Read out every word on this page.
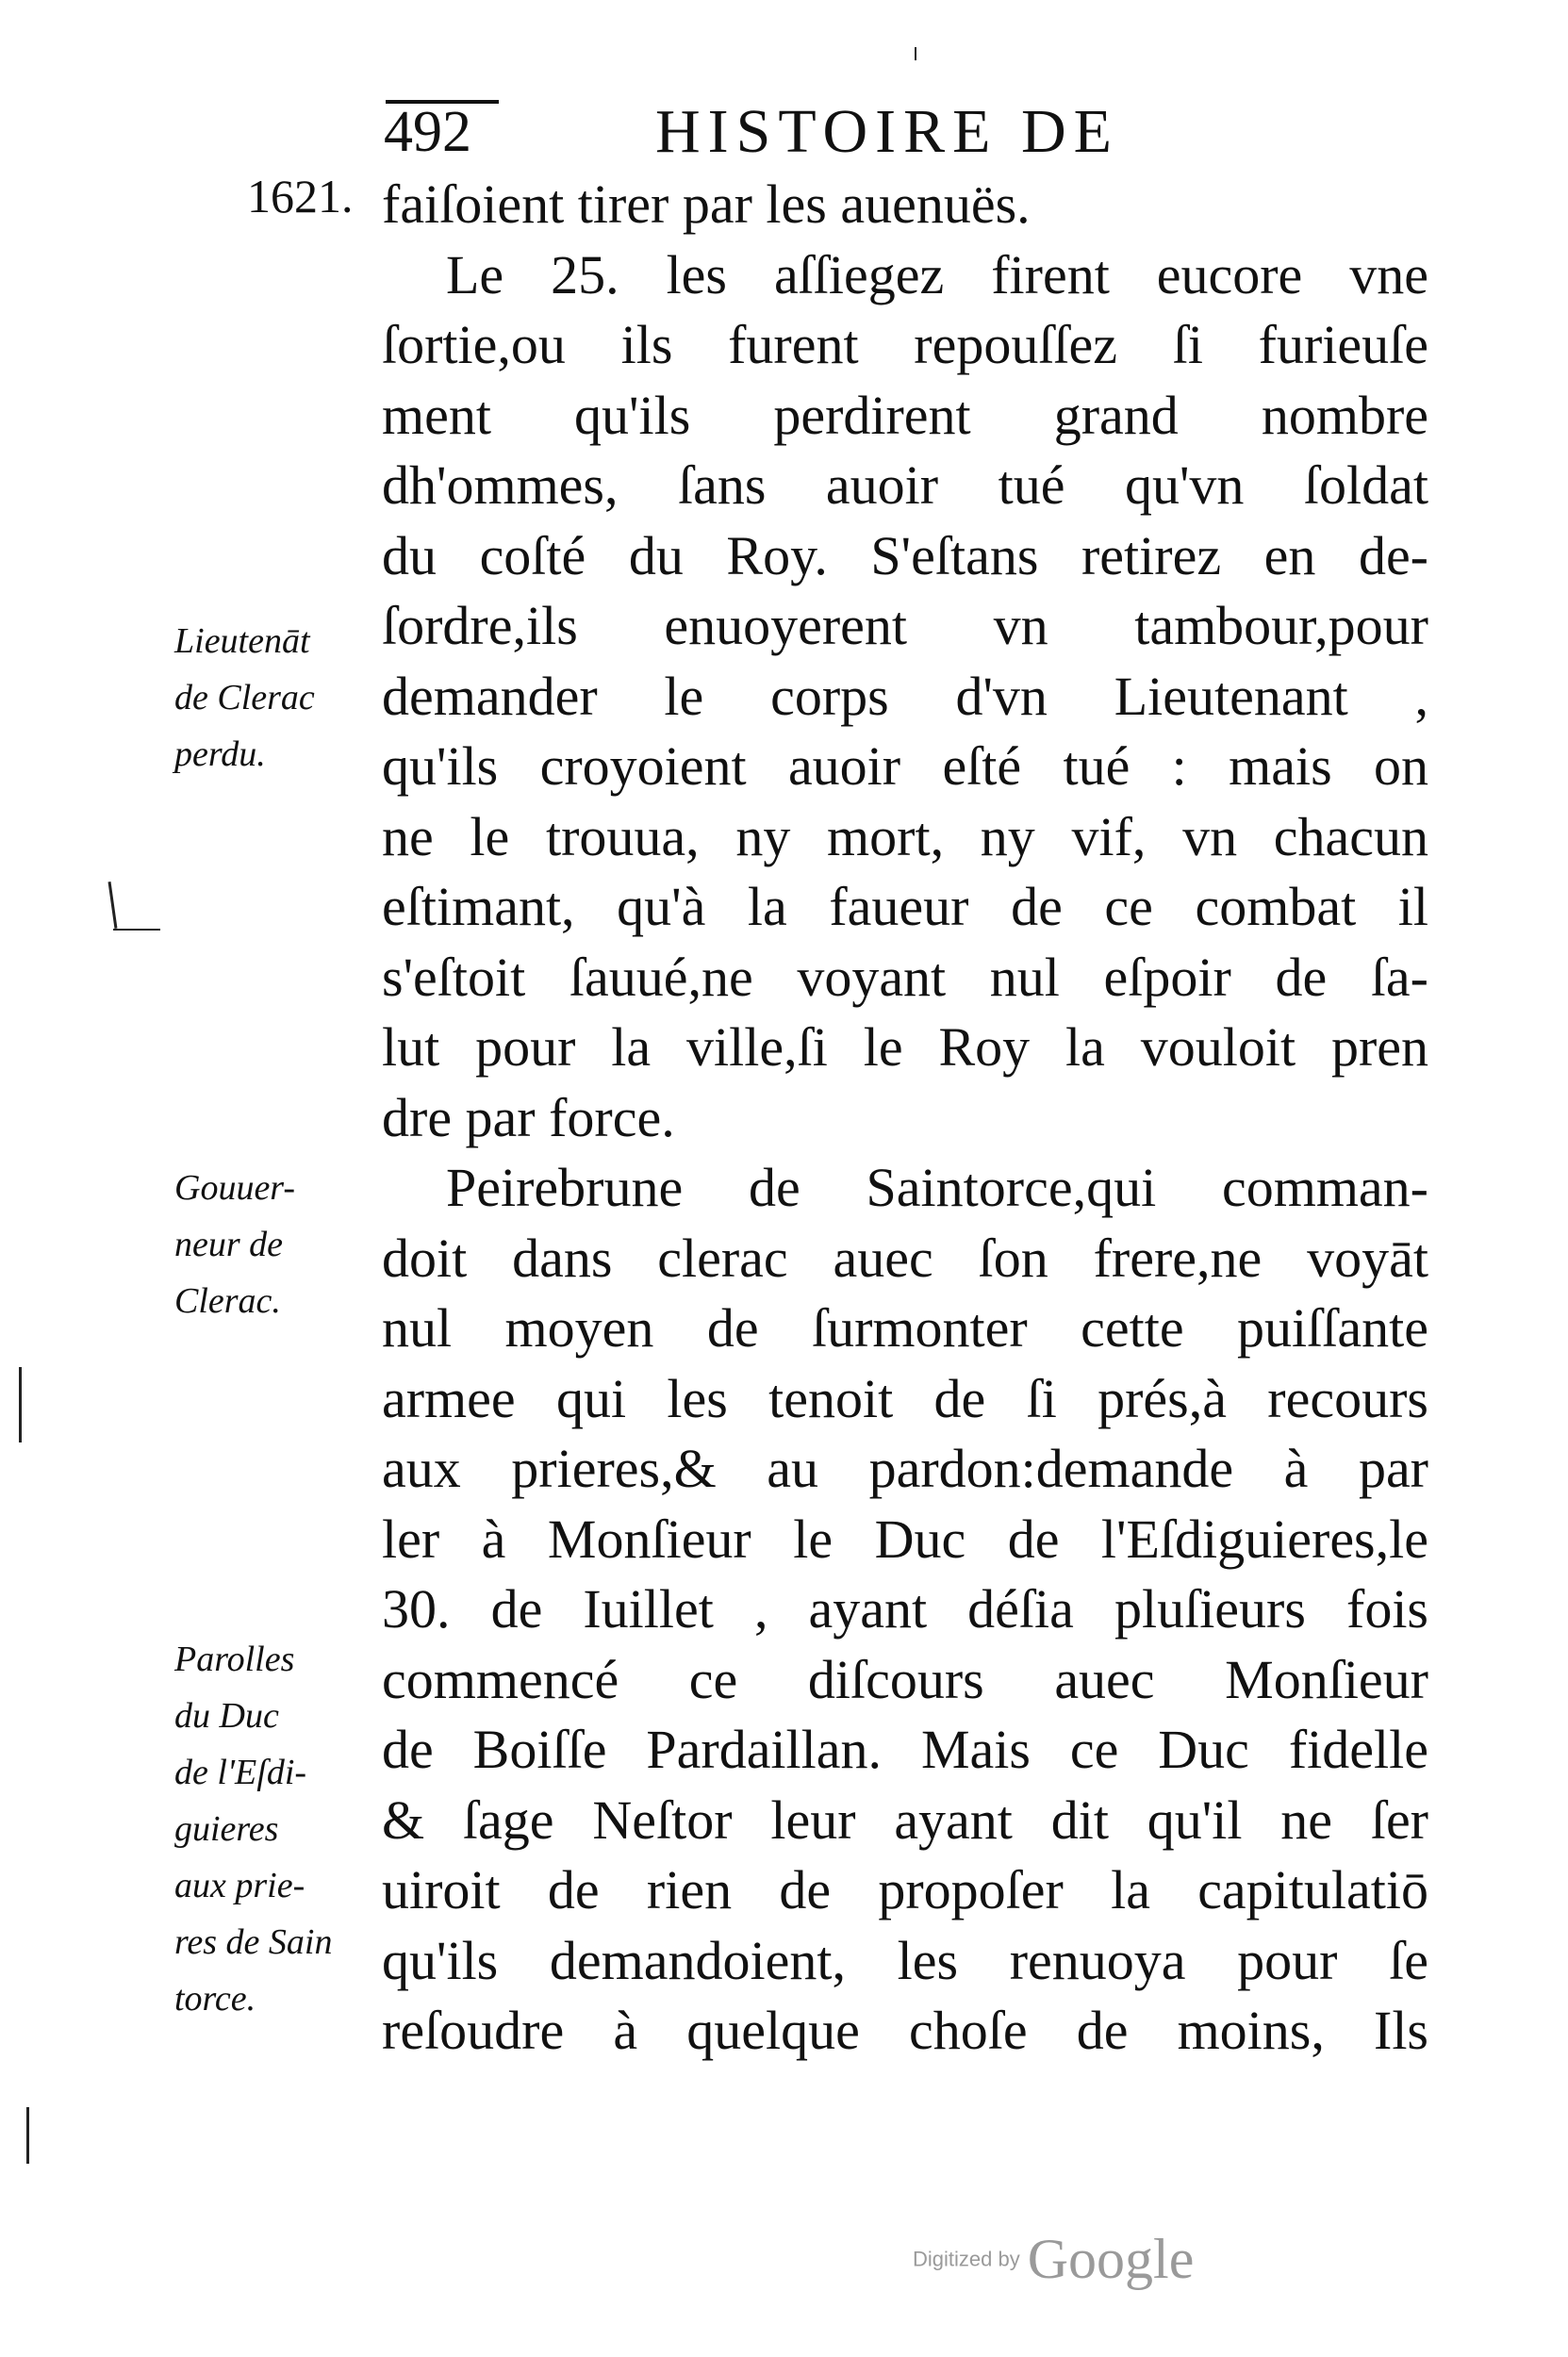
492	HISTOIRE DE
1621. faiſoient tirer par les auenuës.
Le 25. les aſſiegez firent eucore vne
ſortie,ou ils furent repouſſez ſi furieuſe
ment qu'ils perdirent grand nombre
dh'ommes, ſans auoir tué qu'vn ſoldat
du coſté du Roy. S'eſtans retirez en de-
ſordre,ils enuoyerent vn tambour,pour
demander le corps d'vn Lieutenant ,
qu'ils croyoient auoir eſté tué : mais on
ne le trouua, ny mort, ny vif, vn chacun
eſtimant, qu'à la faueur de ce combat il
s'eſtoit ſauué,ne voyant nul eſpoir de ſa-
lut pour la ville,ſi le Roy la vouloit pren
dre par force.
Peirebrune de Saintorce,qui comman-
doit dans clerac auec ſon frere,ne voyāt
nul moyen de ſurmonter cette puiſſante
armee qui les tenoit de ſi prés,à recours
aux prieres,& au pardon:demande à par
ler à Monſieur le Duc de l'Eſdiguieres,le
30. de Iuillet , ayant déſia pluſieurs fois
commencé ce diſcours auec Monſieur
de Boiſſe Pardaillan. Mais ce Duc fidelle
& ſage Neſtor leur ayant dit qu'il ne ſer
uiroit de rien de propoſer la capitulatiō
qu'ils demandoient, les renuoya pour ſe
reſoudre à quelque choſe de moins, Ils
Lieutenāt
de Clerac
perdu.
Gouuer-
neur de
Clerac.
Parolles
du Duc
de l'Eſdi-
guieres
aux prie-
res de Sain
torce.
Digitized by Google
